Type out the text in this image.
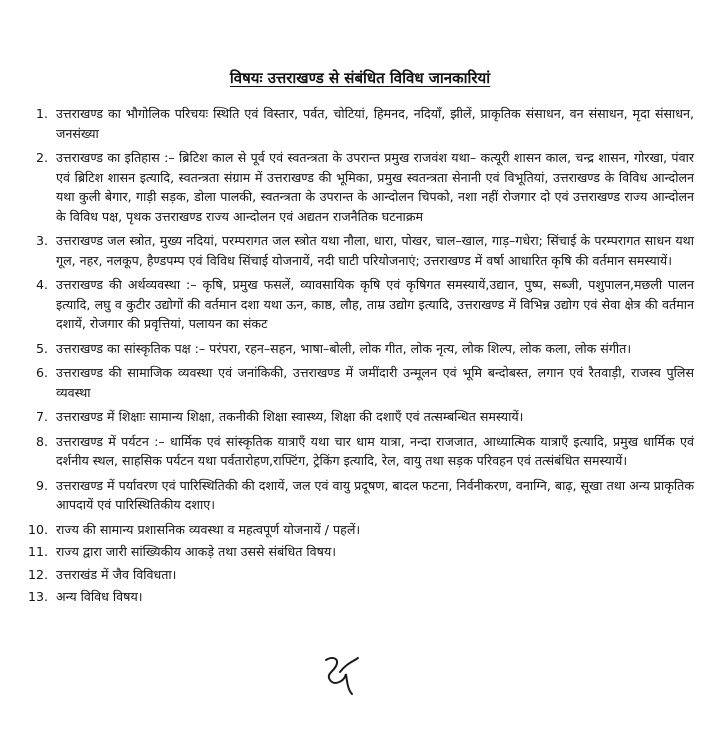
विषयः उत्तराखण्ड से संबंधित विविध जानकारियां
1. उत्तराखण्ड का भौगोलिक परिचयः स्थिति एवं विस्तार, पर्वत, चोटियां, हिमनद, नदियाँ, झीलें, प्राकृतिक संसाधन, वन संसाधन, मृदा संसाधन, जनसंख्या
2. उत्तराखण्ड का इतिहास :– ब्रिटिश काल से पूर्व एवं स्वतन्त्रता के उपरान्त प्रमुख राजवंश यथा– कत्यूरी शासन काल, चन्द्र शासन, गोरखा, पंवार एवं ब्रिटिश शासन इत्यादि, स्वतन्त्रता संग्राम में उत्तराखण्ड की भूमिका, प्रमुख स्वतन्त्रता सेनानी एवं विभूतियां, उत्तराखण्ड के विविध आन्दोलन यथा कुली बेगार, गाड़ी सड़क, डोला पालकी, स्वतन्त्रता के उपरान्त के आन्दोलन चिपको, नशा नहीं रोजगार दो एवं उत्तराखण्ड राज्य आन्दोलन के विविध पक्ष, पृथक उत्तराखण्ड राज्य आन्दोलन एवं अद्यतन राजनैतिक घटनाक्रम
3. उत्तराखण्ड जल स्त्रोत, मुख्य नदियां, परम्परागत जल स्त्रोत यथा नौला, धारा, पोखर, चाल–खाल, गाड़–गधेरा; सिंचाई के परम्परागत साधन यथा गूल, नहर, नलकूप, हैण्डपम्प एवं विविध सिंचाई योजनायें, नदी घाटी परियोजनाएं; उत्तराखण्ड में वर्षा आधारित कृषि की वर्तमान समस्यायें।
4. उत्तराखण्ड की अर्थव्यवस्था :– कृषि, प्रमुख फसलें, व्यावसायिक कृषि एवं कृषिगत समस्यायें,उद्यान, पुष्प, सब्जी, पशुपालन,मछली पालन इत्यादि, लघु व कुटीर उद्योगों की वर्तमान दशा यथा ऊन, काष्ठ, लौह, ताम्र उद्योग इत्यादि, उत्तराखण्ड में विभिन्न उद्योग एवं सेवा क्षेत्र की वर्तमान दशायें, रोजगार की प्रवृत्तियां, पलायन का संकट
5. उत्तराखण्ड का सांस्कृतिक पक्ष :– परंपरा, रहन–सहन, भाषा–बोली, लोक गीत, लोक नृत्य, लोक शिल्प, लोक कला, लोक संगीत।
6. उत्तराखण्ड की सामाजिक व्यवस्था एवं जनांकिकी, उत्तराखण्ड में जमींदारी उन्मूलन एवं भूमि बन्दोबस्त, लगान एवं रैतवाड़ी, राजस्व पुलिस व्यवस्था
7. उत्तराखण्ड में शिक्षाः सामान्य शिक्षा, तकनीकी शिक्षा स्वास्थ्य, शिक्षा की दशाएँ एवं तत्सम्बन्धित समस्यायें।
8. उत्तराखण्ड में पर्यटन :– धार्मिक एवं सांस्कृतिक यात्राएँ यथा चार धाम यात्रा, नन्दा राजजात, आध्यात्मिक यात्राएँ इत्यादि, प्रमुख धार्मिक एवं दर्शनीय स्थल, साहसिक पर्यटन यथा पर्वतारोहण,राफ्टिंग, ट्रेकिंग इत्यादि, रेल, वायु तथा सड़क परिवहन एवं तत्संबंधित समस्यायें।
9. उत्तराखण्ड में पर्यावरण एवं पारिस्थितिकी की दशायें, जल एवं वायु प्रदूषण, बादल फटना, निर्वनीकरण, वनाग्नि, बाढ़, सूखा तथा अन्य प्राकृतिक आपदायें एवं पारिस्थितिकीय दशाए।
10. राज्य की सामान्य प्रशासनिक व्यवस्था व महत्वपूर्ण योजनायें / पहलें।
11. राज्य द्वारा जारी सांख्यिकीय आकड़े तथा उससे संबंधित विषय।
12. उत्तराखंड में जैव विविधता।
13. अन्य विविध विषय।
